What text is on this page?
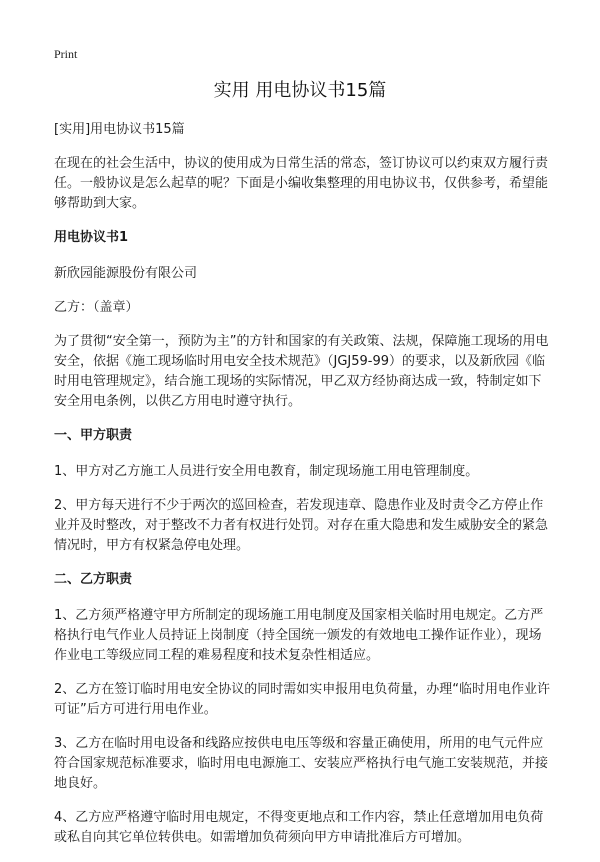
Print
实用 用电协议书15篇

[实用]用电协议书15篇

在现在的社会生活中，协议的使用成为日常生活的常态，签订协议可以约束双方履行责任。一般协议是怎么起草的呢？下面是小编收集整理的用电协议书，仅供参考，希望能够帮助到大家。

用电协议书1

新欣园能源股份有限公司

乙方：（盖章）

为了贯彻“安全第一，预防为主”的方针和国家的有关政策、法规，保障施工现场的用电安全，依据《施工现场临时用电安全技术规范》（JGJ59-99）的要求，以及新欣园《临时用电管理规定》，结合施工现场的实际情况，甲乙双方经协商达成一致，特制定如下安全用电条例，以供乙方用电时遵守执行。

一、甲方职责

1、甲方对乙方施工人员进行安全用电教育，制定现场施工用电管理制度。

2、甲方每天进行不少于两次的巡回检查，若发现违章、隐患作业及时责令乙方停止作业并及时整改，对于整改不力者有权进行处罚。对存在重大隐患和发生威胁安全的紧急情况时，甲方有权紧急停电处理。

二、乙方职责

1、乙方须严格遵守甲方所制定的现场施工用电制度及国家相关临时用电规定。乙方严格执行电气作业人员持证上岗制度（持全国统一颁发的有效地电工操作证作业），现场作业电工等级应同工程的难易程度和技术复杂性相适应。

2、乙方在签订临时用电安全协议的同时需如实申报用电负荷量，办理“临时用电作业许可证”后方可进行用电作业。

3、乙方在临时用电设备和线路应按供电电压等级和容量正确使用，所用的电气元件应符合国家规范标准要求，临时用电电源施工、安装应严格执行电气施工安装规范，并接地良好。

4、乙方应严格遵守临时用电规定，不得变更地点和工作内容，禁止任意增加用电负荷或私自向其它单位转供电。如需增加负荷须向甲方申请批准后方可增加。
